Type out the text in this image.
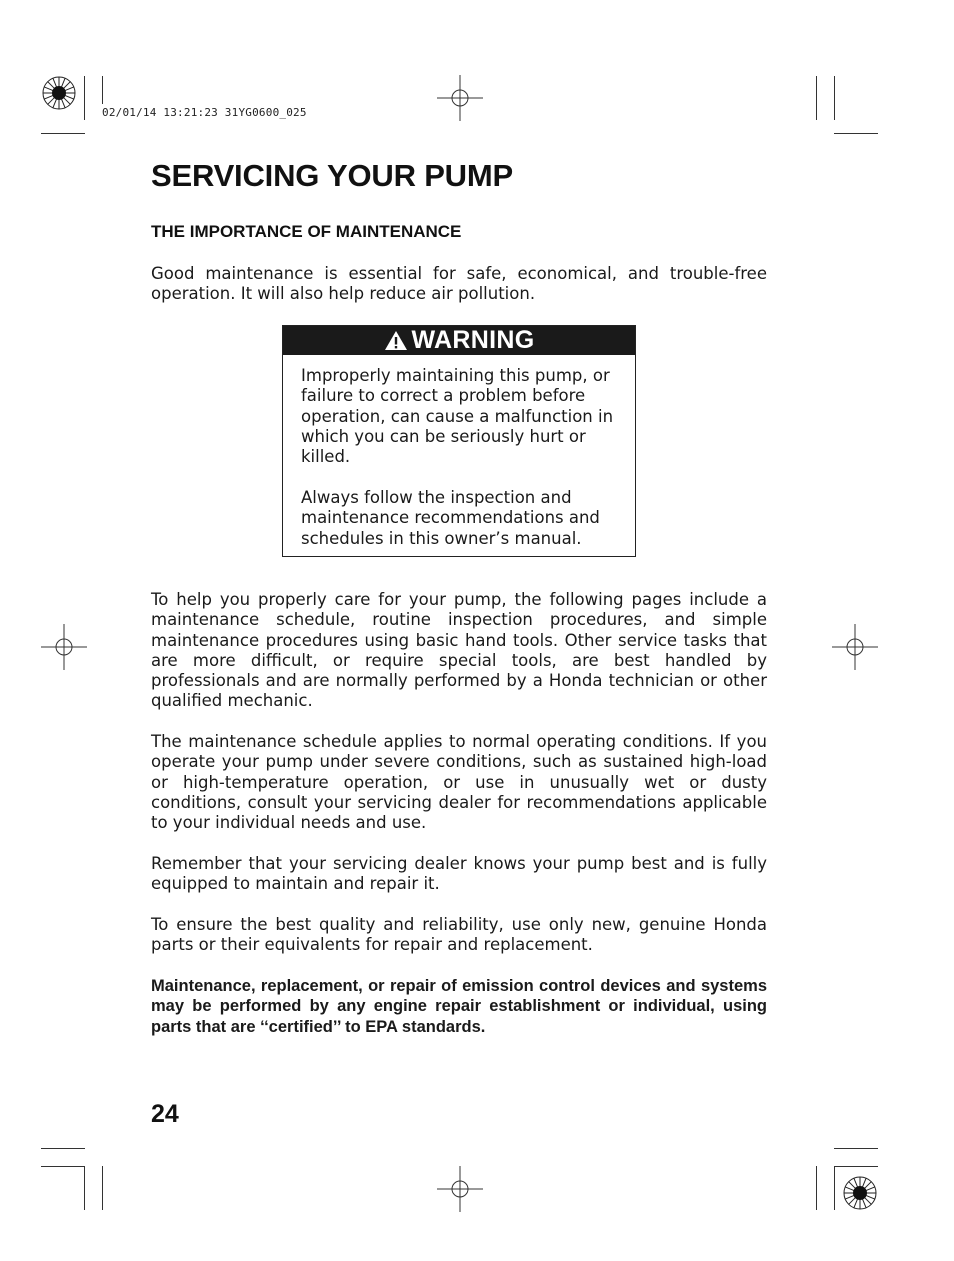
02/01/14 13:21:23 31YG0600_025
SERVICING YOUR PUMP
THE IMPORTANCE OF MAINTENANCE

Good maintenance is essential for safe, economical, and trouble-free operation. It will also help reduce air pollution.

WARNING

Improperly maintaining this pump, or failure to correct a problem before operation, can cause a malfunction in which you can be seriously hurt or killed.

Always follow the inspection and maintenance recommendations and schedules in this owner’s manual.

To help you properly care for your pump, the following pages include a maintenance schedule, routine inspection procedures, and simple maintenance procedures using basic hand tools. Other service tasks that are more difficult, or require special tools, are best handled by professionals and are normally performed by a Honda technician or other qualified mechanic.

The maintenance schedule applies to normal operating conditions. If you operate your pump under severe conditions, such as sustained high-load or high-temperature operation, or use in unusually wet or dusty conditions, consult your servicing dealer for recommendations applicable to your individual needs and use.

Remember that your servicing dealer knows your pump best and is fully equipped to maintain and repair it.

To ensure the best quality and reliability, use only new, genuine Honda parts or their equivalents for repair and replacement.

Maintenance, replacement, or repair of emission control devices and systems may be performed by any engine repair establishment or individual, using parts that are ‘‘certified’’ to EPA standards.

24
